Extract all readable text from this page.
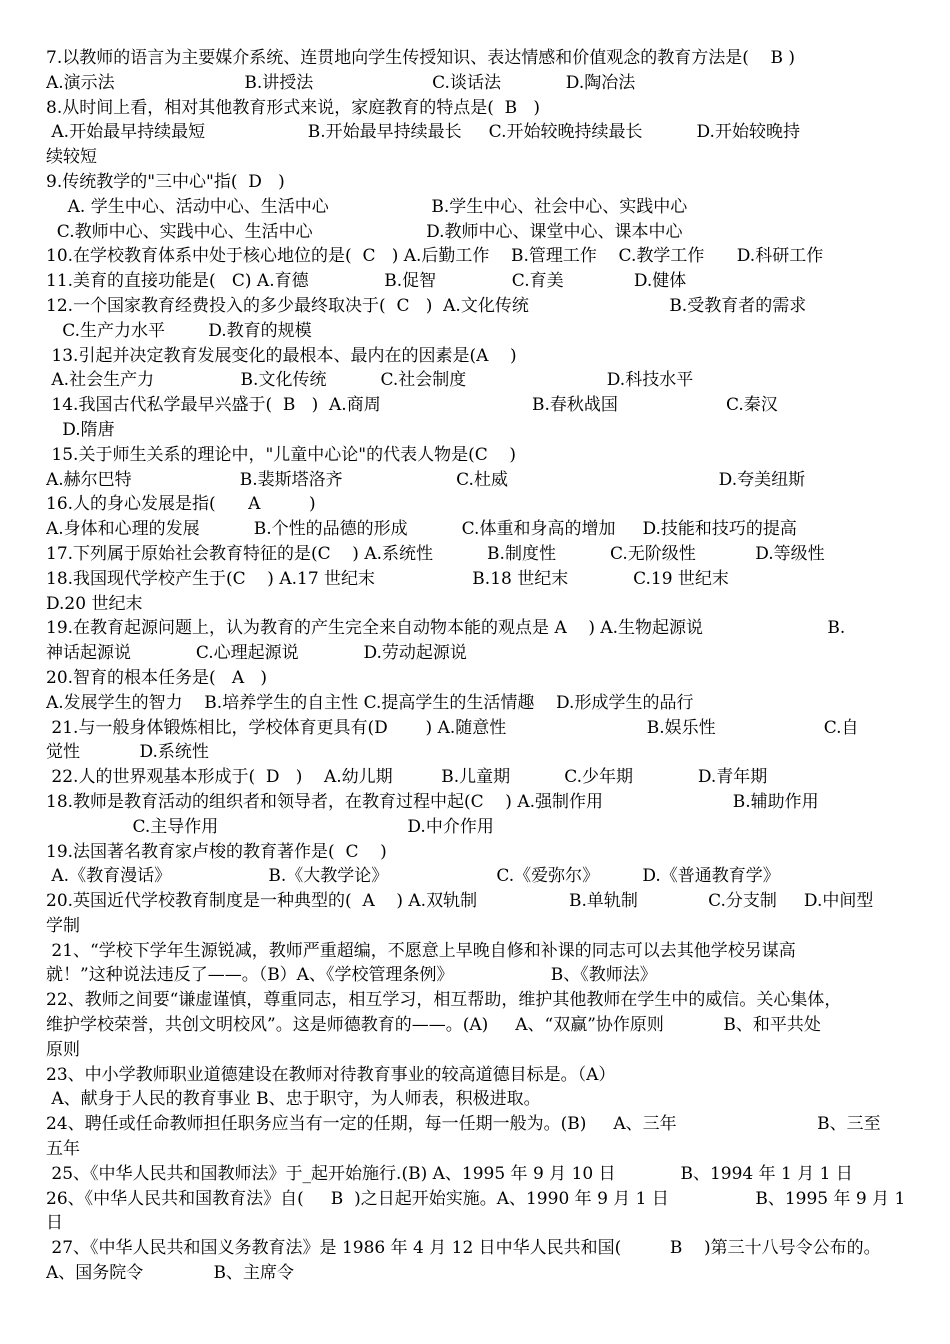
7.以教师的语言为主要媒介系统、连贯地向学生传授知识、表达情感和价值观念的教育方法是(    B )
A.演示法                        B.讲授法                      C.谈话法            D.陶冶法
8.从时间上看，相对其他教育形式来说，家庭教育的特点是(  B   )
A.开始最早持续最短                   B.开始最早持续最长     C.开始较晚持续最长          D.开始较晚持
续较短
9.传统教学的"三中心"指(  D   )
A. 学生中心、活动中心、生活中心                   B.学生中心、社会中心、实践中心
C.教师中心、实践中心、生活中心                     D.教师中心、课堂中心、课本中心
10.在学校教育体系中处于核心地位的是(  C   ) A.后勤工作    B.管理工作    C.教学工作      D.科研工作
11.美育的直接功能是(   C) A.育德              B.促智              C.育美             D.健体
12.一个国家教育经费投入的多少最终取决于(  C   )  A.文化传统                          B.受教育者的需求
C.生产力水平        D.教育的规模
13.引起并决定教育发展变化的最根本、最内在的因素是(A    )
A.社会生产力                B.文化传统          C.社会制度                          D.科技水平
14.我国古代私学最早兴盛于(  B   )  A.商周                            B.春秋战国                    C.秦汉
D.隋唐
15.关于师生关系的理论中，"儿童中心论"的代表人物是(C    )
A.赫尔巴特                    B.裴斯塔洛齐                     C.杜威                                       D.夸美纽斯
16.人的身心发展是指(      A         )
A.身体和心理的发展          B.个性的品德的形成          C.体重和身高的增加     D.技能和技巧的提高
17.下列属于原始社会教育特征的是(C    ) A.系统性          B.制度性          C.无阶级性           D.等级性
18.我国现代学校产生于(C    ) A.17 世纪末                  B.18 世纪末            C.19 世纪末
D.20 世纪末
19.在教育起源问题上，认为教育的产生完全来自动物本能的观点是 A    ) A.生物起源说                       B.
神话起源说            C.心理起源说            D.劳动起源说
20.智育的根本任务是(   A   )
A.发展学生的智力    B.培养学生的自主性 C.提高学生的生活情趣    D.形成学生的品行
21.与一般身体锻炼相比，学校体育更具有(D       ) A.随意性                          B.娱乐性                    C.自
觉性           D.系统性
22.人的世界观基本形成于(  D   )    A.幼儿期         B.儿童期          C.少年期            D.青年期
18.教师是教育活动的组织者和领导者，在教育过程中起(C    ) A.强制作用                        B.辅助作用
C.主导作用                                   D.中介作用
19.法国著名教育家卢梭的教育著作是(  C    )
A.《教育漫话》                  B.《大教学论》                    C.《爱弥尔》        D.《普通教育学》
20.英国近代学校教育制度是一种典型的(  A    ) A.双轨制                 B.单轨制             C.分支制     D.中间型
学制
21、“学校下学年生源锐减，教师严重超编，不愿意上早晚自修和补课的同志可以去其他学校另谋高
就！”这种说法违反了——。（B）A、《学校管理条例》                  B、《教师法》
22、教师之间要“谦虚谨慎，尊重同志，相互学习，相互帮助，维护其他教师在学生中的威信。关心集体，
维护学校荣誉，共创文明校风”。这是师德教育的——。(A)     A、“双赢”协作原则           B、和平共处
原则
23、中小学教师职业道德建设在教师对待教育事业的较高道德目标是。（A）
A、献身于人民的教育事业 B、忠于职守，为人师表，积极进取。
24、聘任或任命教师担任职务应当有一定的任期，每一任期一般为。(B)     A、三年                          B、三至
五年
25、《中华人民共和国教师法》于_起开始施行.(B) A、1995 年 9 月 10 日            B、1994 年 1 月 1 日
26、《中华人民共和国教育法》自(     B  )之日起开始实施。A、1990 年 9 月 1 日                B、1995 年 9 月 1
日
27、《中华人民共和国义务教育法》是 1986 年 4 月 12 日中华人民共和国(         B    )第三十八号令公布的。
A、国务院令             B、主席令
